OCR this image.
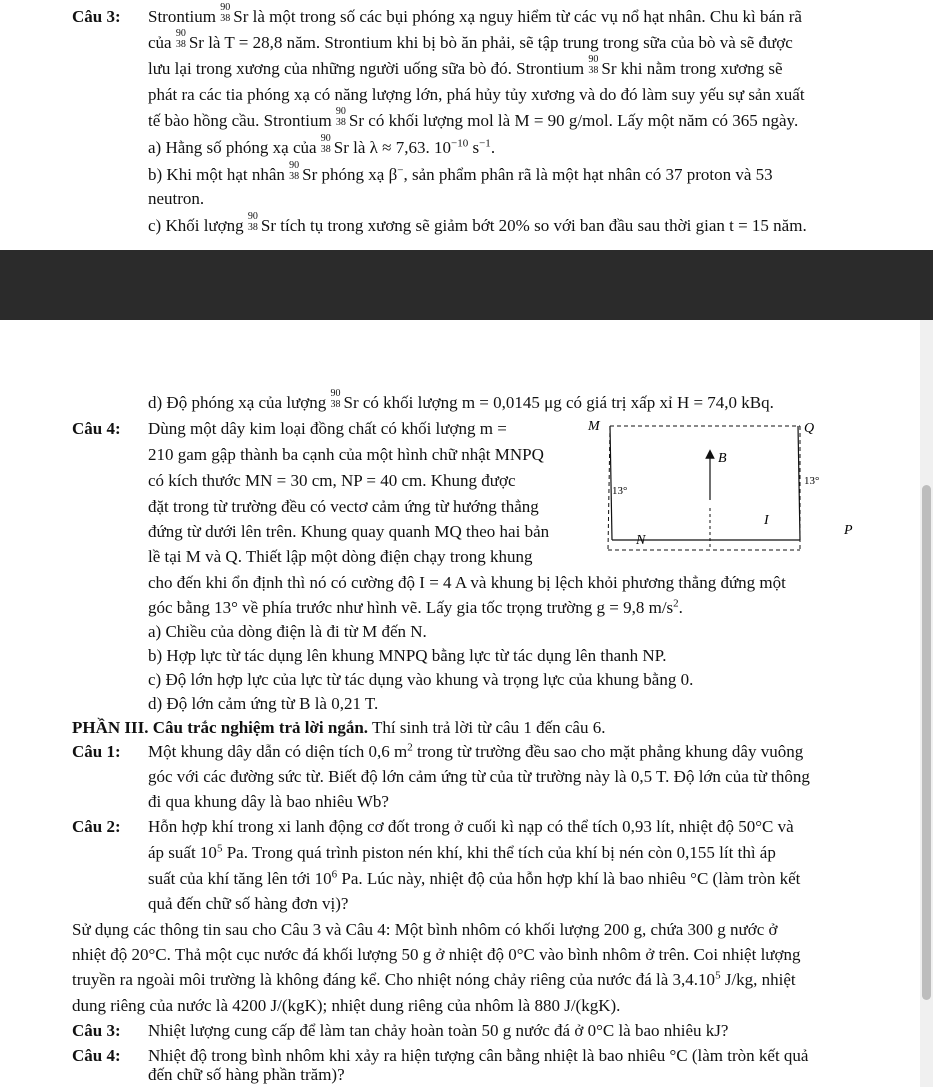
Câu 3: Strontium 90
38 Sr là một trong số các bụi phóng xạ nguy hiểm từ các vụ nổ hạt nhân. Chu kì bán rã
của 90
38 Sr là T = 28,8 năm. Strontium khi bị bò ăn phải, sẽ tập trung trong sữa của bò và sẽ được
lưu lại trong xương của những người uống sữa bò đó. Strontium 90
38 Sr khi nằm trong xương sẽ
phát ra các tia phóng xạ có năng lượng lớn, phá hủy tủy xương và do đó làm suy yếu sự sản xuất
tế bào hồng cầu. Strontium 90
38 Sr có khối lượng mol là M = 90 g/mol. Lấy một năm có 365 ngày.
a) Hằng số phóng xạ của 90
38 Sr là λ ≈ 7,63. $10^{-10}$ $s^{-1}$.
b) Khi một hạt nhân 90
38 Sr phóng xạ β−, sản phẩm phân rã là một hạt nhân có 37 proton và 53
neutron.
c) Khối lượng 90
38 Sr tích tụ trong xương sẽ giảm bớt 20% so với ban đầu sau thời gian t = 15 năm.
d) Độ phóng xạ của lượng 90
38 Sr có khối lượng m = 0,0145 μg có giá trị xấp xỉ H = 74,0 kBq.
Câu 4: Dùng một dây kim loại đồng chất có khối lượng m =
210 gam gập thành ba cạnh của một hình chữ nhật MNPQ
có kích thước MN = 30 cm, NP = 40 cm. Khung được
đặt trong từ trường đều có vectơ cảm ứng từ hướng thẳng
đứng từ dưới lên trên. Khung quay quanh MQ theo hai bản
lề tại M và Q. Thiết lập một dòng điện chạy trong khung
cho đến khi ổn định thì nó có cường độ I = 4 A và khung bị lệch khỏi phương thẳng đứng một
góc bằng 13° về phía trước như hình vẽ. Lấy gia tốc trọng trường g = 9,8 $m/s^2$.
M	Q
N
P
B
I
13°
13°
a) Chiều của dòng điện là đi từ M đến N.
b) Hợp lực từ tác dụng lên khung MNPQ bằng lực từ tác dụng lên thanh NP.
c) Độ lớn hợp lực của lực từ tác dụng vào khung và trọng lực của khung bằng 0.
d) Độ lớn cảm ứng từ B là 0,21 T.
PHẦN III. Câu trắc nghiệm trả lời ngắn. Thí sinh trả lời từ câu 1 đến câu 6.
Câu 1: Một khung dây dẫn có diện tích 0,6 $m^2$ trong từ trường đều sao cho mặt phẳng khung dây vuông
góc với các đường sức từ. Biết độ lớn cảm ứng từ của từ trường này là 0,5 T. Độ lớn của từ thông
đi qua khung dây là bao nhiêu Wb?
Câu 2: Hỗn hợp khí trong xi lanh động cơ đốt trong ở cuối kì nạp có thể tích 0,93 lít, nhiệt độ 50°C và
áp suất $10^5$ Pa. Trong quá trình piston nén khí, khi thể tích của khí bị nén còn 0,155 lít thì áp
suất của khí tăng lên tới $10^6$ Pa. Lúc này, nhiệt độ của hỗn hợp khí là bao nhiêu °C (làm tròn kết
quả đến chữ số hàng đơn vị)?
Sử dụng các thông tin sau cho Câu 3 và Câu 4: Một bình nhôm có khối lượng 200 g, chứa 300 g nước ở
nhiệt độ 20°C. Thả một cục nước đá khối lượng 50 g ở nhiệt độ 0°C vào bình nhôm ở trên. Coi nhiệt lượng
truyền ra ngoài môi trường là không đáng kể. Cho nhiệt nóng chảy riêng của nước đá là 3,4.10$^5$ J/kg, nhiệt
dung riêng của nước là 4200 J/(kgK); nhiệt dung riêng của nhôm là 880 J/(kgK).
Câu 3: Nhiệt lượng cung cấp để làm tan chảy hoàn toàn 50 g nước đá ở 0°C là bao nhiêu kJ?
Câu 4: Nhiệt độ trong bình nhôm khi xảy ra hiện tượng cân bằng nhiệt là bao nhiêu °C (làm tròn kết quả
đến chữ số hàng phần trăm)?
